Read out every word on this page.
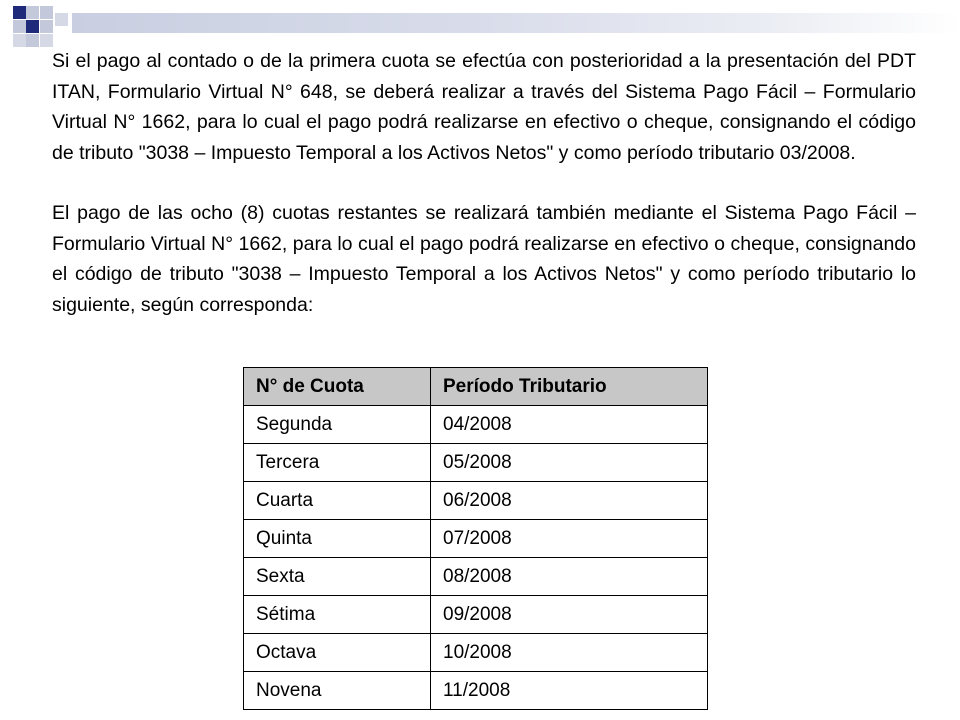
Si el pago al contado o de la primera cuota se efectúa con posterioridad a la presentación del PDT ITAN, Formulario Virtual N° 648, se deberá realizar a través del Sistema Pago Fácil – Formulario Virtual N° 1662, para lo cual el pago podrá realizarse en efectivo o cheque, consignando el código de tributo "3038 – Impuesto Temporal a los Activos Netos" y como período tributario 03/2008.

El pago de las ocho (8) cuotas restantes se realizará también mediante el Sistema Pago Fácil – Formulario Virtual N° 1662, para lo cual el pago podrá realizarse en efectivo o cheque, consignando el código de tributo "3038 – Impuesto Temporal a los Activos Netos" y como período tributario lo siguiente, según corresponda:

N° de Cuota	Período Tributario
Segunda	04/2008
Tercera	05/2008
Cuarta	06/2008
Quinta	07/2008
Sexta	08/2008
Sétima	09/2008
Octava	10/2008
Novena	11/2008
